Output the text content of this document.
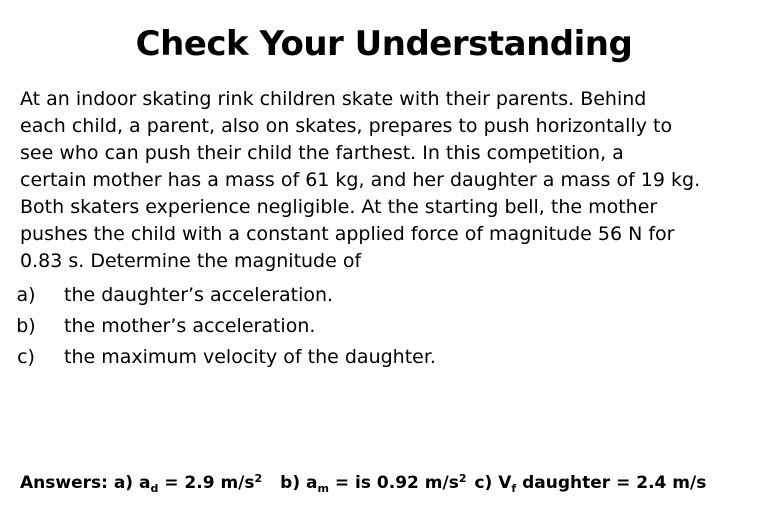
Check Your Understanding
At an indoor skating rink children skate with their parents. Behind
each child, a parent, also on skates, prepares to push horizontally to
see who can push their child the farthest. In this competition, a
certain mother has a mass of 61 kg, and her daughter a mass of 19 kg.
Both skaters experience negligible. At the starting bell, the mother
pushes the child with a constant applied force of magnitude 56 N for
0.83 s. Determine the magnitude of
a) the daughter’s acceleration.
b) the mother’s acceleration.
c) the maximum velocity of the daughter.
Answers: a) $a_d = 2.9$ $m/s^2$ b) $a_m$ = is 0.92 $m/s^2$ c) $V_f$ daughter = 2.4 m/s
